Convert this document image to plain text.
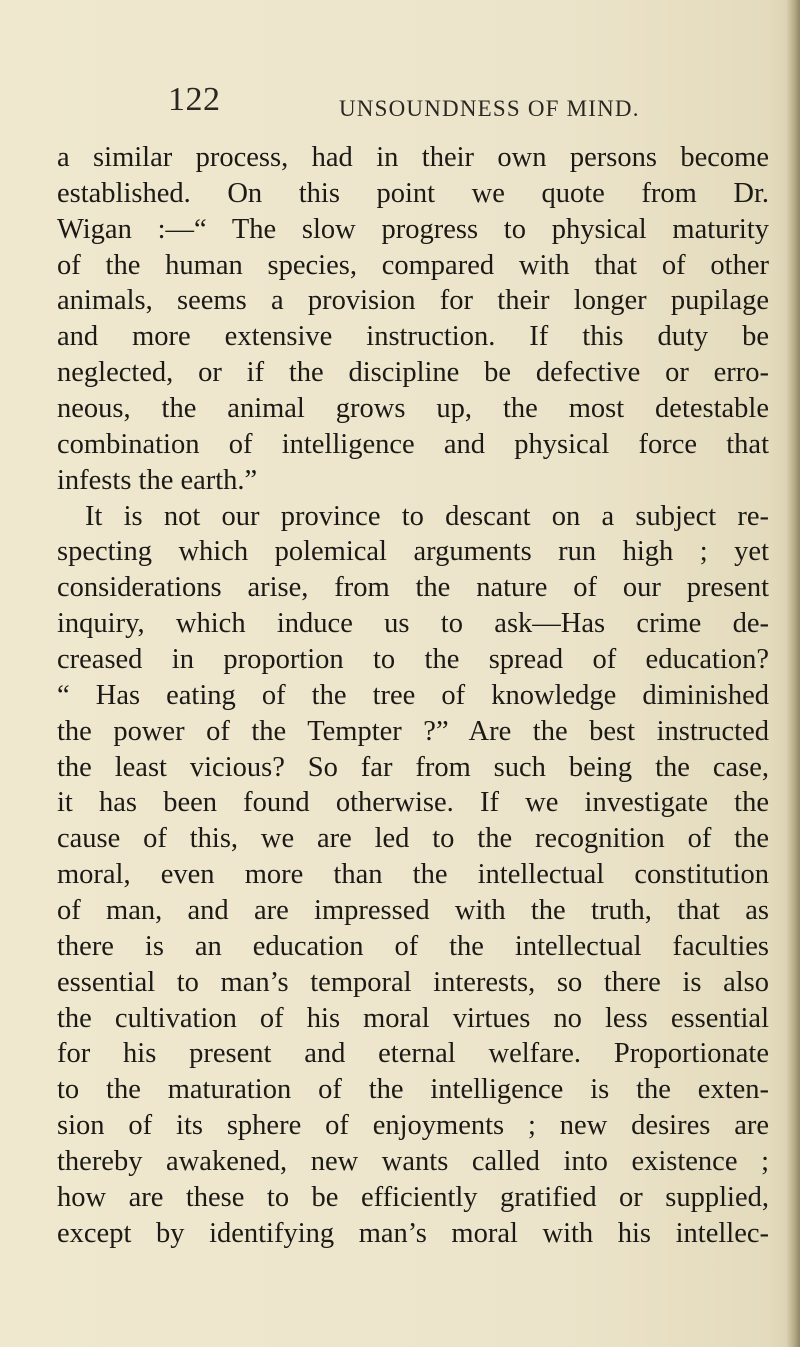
122	UNSOUNDNESS OF MIND.
a similar process, had in their own persons become
established. On this point we quote from Dr.
Wigan :—“ The slow progress to physical maturity
of the human species, compared with that of other
animals, seems a provision for their longer pupilage
and more extensive instruction. If this duty be
neglected, or if the discipline be defective or erro-
neous, the animal grows up, the most detestable
combination of intelligence and physical force that
infests the earth.”
It is not our province to descant on a subject re-
specting which polemical arguments run high ; yet
considerations arise, from the nature of our present
inquiry, which induce us to ask—Has crime de-
creased in proportion to the spread of education?
“ Has eating of the tree of knowledge diminished
the power of the Tempter ?” Are the best instructed
the least vicious? So far from such being the case,
it has been found otherwise. If we investigate the
cause of this, we are led to the recognition of the
moral, even more than the intellectual constitution
of man, and are impressed with the truth, that as
there is an education of the intellectual faculties
essential to man’s temporal interests, so there is also
the cultivation of his moral virtues no less essential
for his present and eternal welfare. Proportionate
to the maturation of the intelligence is the exten-
sion of its sphere of enjoyments ; new desires are
thereby awakened, new wants called into existence ;
how are these to be efficiently gratified or supplied,
except by identifying man’s moral with his intellec-
